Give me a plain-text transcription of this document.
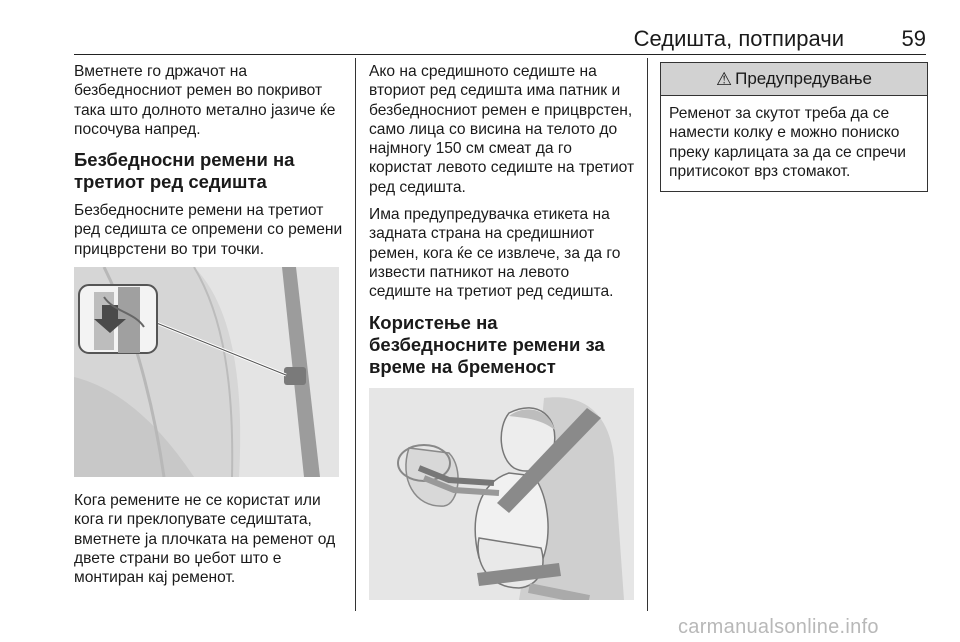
Седишта, потпирачи	59

Вметнете го држачот на безбедносниот ремен во покривот така што долното метално јазиче ќе посочува напред.

Безбедносни ремени на третиот ред седишта

Безбедносните ремени на третиот ред седишта се опремени со ремени прицврстени во три точки.

Кога ремените не се користат или кога ги преклопувате седиштата, вметнете ја плочката на ременот од двете страни во џебот што е монтиран кај ременот.

Ако на средишното седиште на вториот ред седишта има патник и безбедносниот ремен е прицврстен, само лица со висина на телото до најмногу 150 см смеат да го користат левото седиште на третиот ред седишта.

Има предупредувачка етикета на задната страна на средишниот ремен, кога ќе се извлече, за да го извести патникот на левото седиште на третиот ред седишта.

Користење на безбедносните ремени за време на бременост
⚠ Предупредување

Ременот за скутот треба да се намести колку е можно пониско преку карлицата за да се спречи притисокот врз стомакот.

carmanualsonline.info
